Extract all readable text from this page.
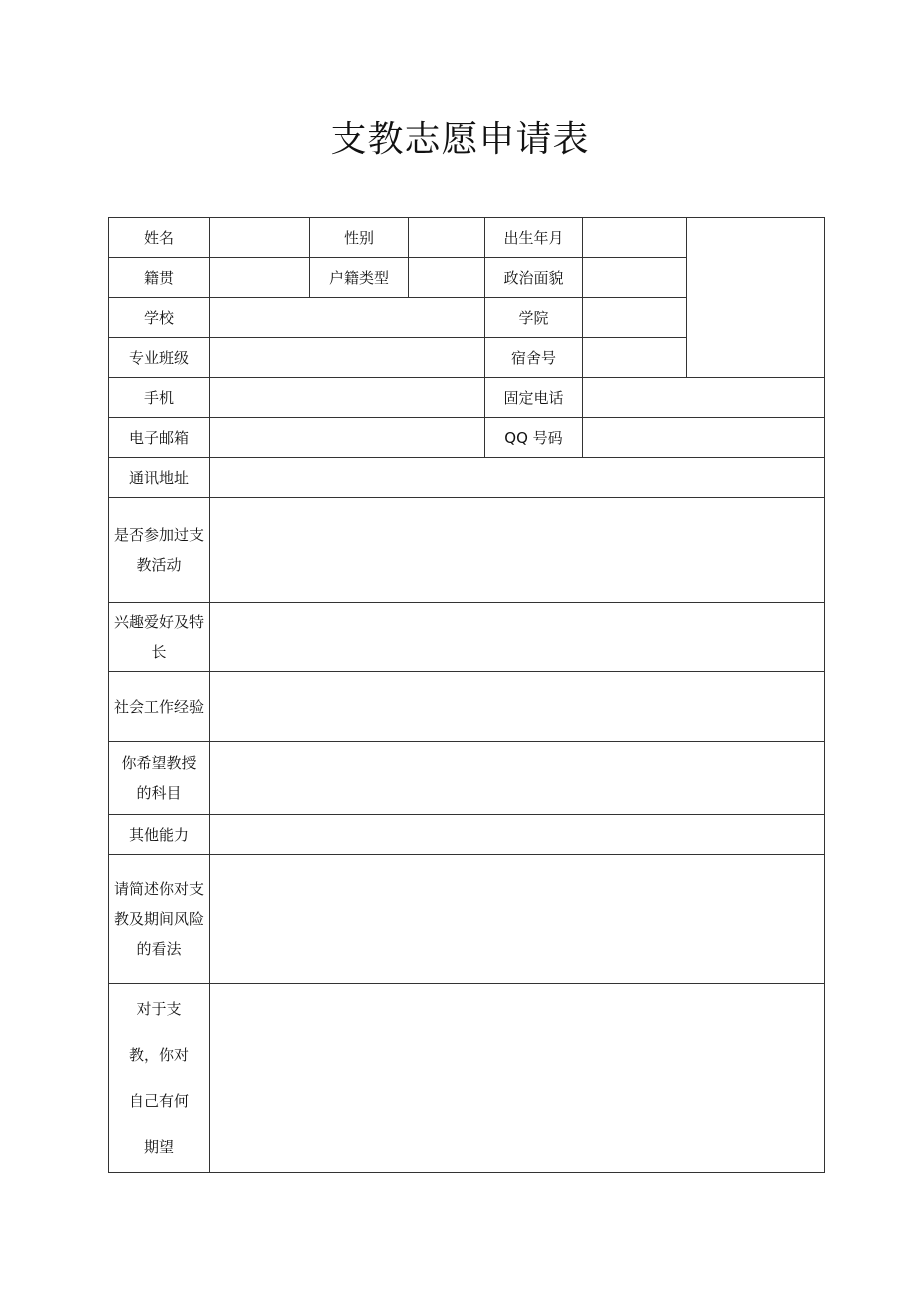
支教志愿申请表
姓名		性别		出生年月		
籍贯		户籍类型		政治面貌		
学校				学院		
专业班级				宿舍号		
手机				固定电话		
电子邮箱				QQ 号码		
通讯地址						
是否参加过支
教活动						
兴趣爱好及特
长						
社会工作经验						
你希望教授
的科目						
其他能力						
请简述你对支
教及期间风险
的看法						

对于支
教，你对
自己有何
期望						
